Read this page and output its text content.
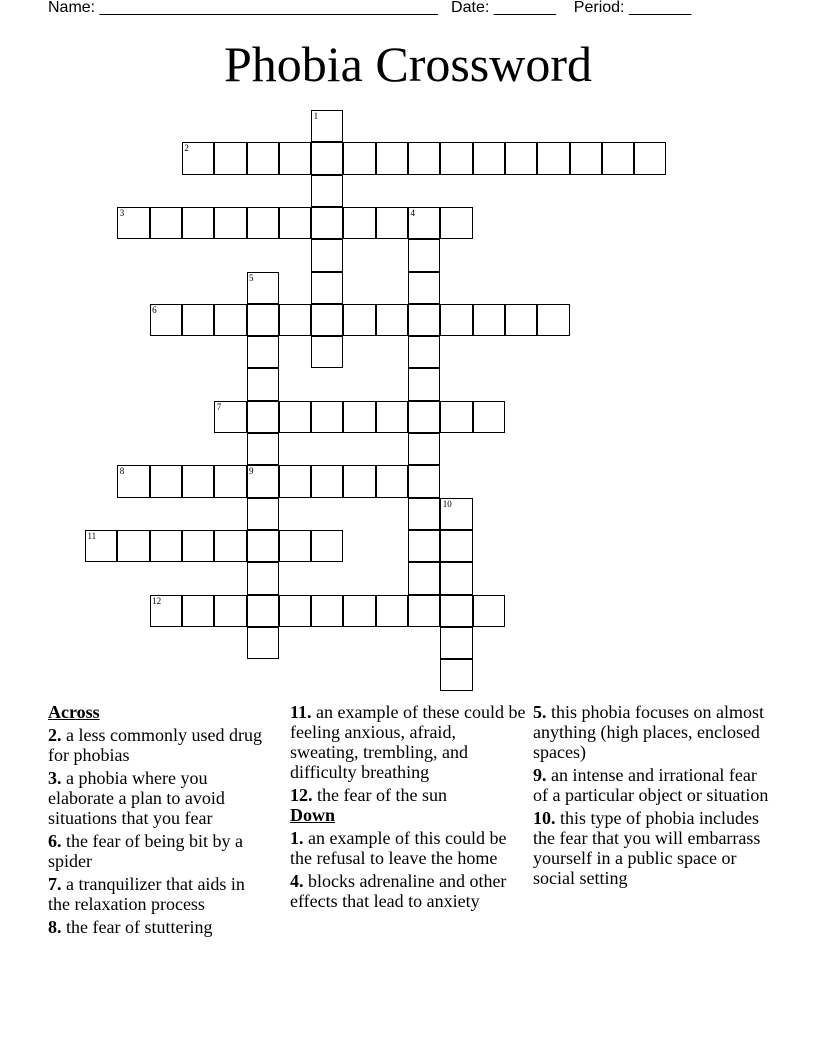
Name: ______________________________________   Date: _______    Period: _______
Phobia Crossword
1
2
3	4
5
9
6
7
8
10
11
12
Across
2. a less commonly used drug for phobias
3. a phobia where you elaborate a plan to avoid situations that you fear
6. the fear of being bit by a spider
7. a tranquilizer that aids in the relaxation process
8. the fear of stuttering
11. an example of these could be feeling anxious, afraid, sweating, trembling, and difficulty breathing
12. the fear of the sun
Down
1. an example of this could be the refusal to leave the home
4. blocks adrenaline and other effects that lead to anxiety
5. this phobia focuses on almost anything (high places, enclosed spaces)
9. an intense and irrational fear of a particular object or situation
10. this type of phobia includes the fear that you will embarrass yourself in a public space or social setting
